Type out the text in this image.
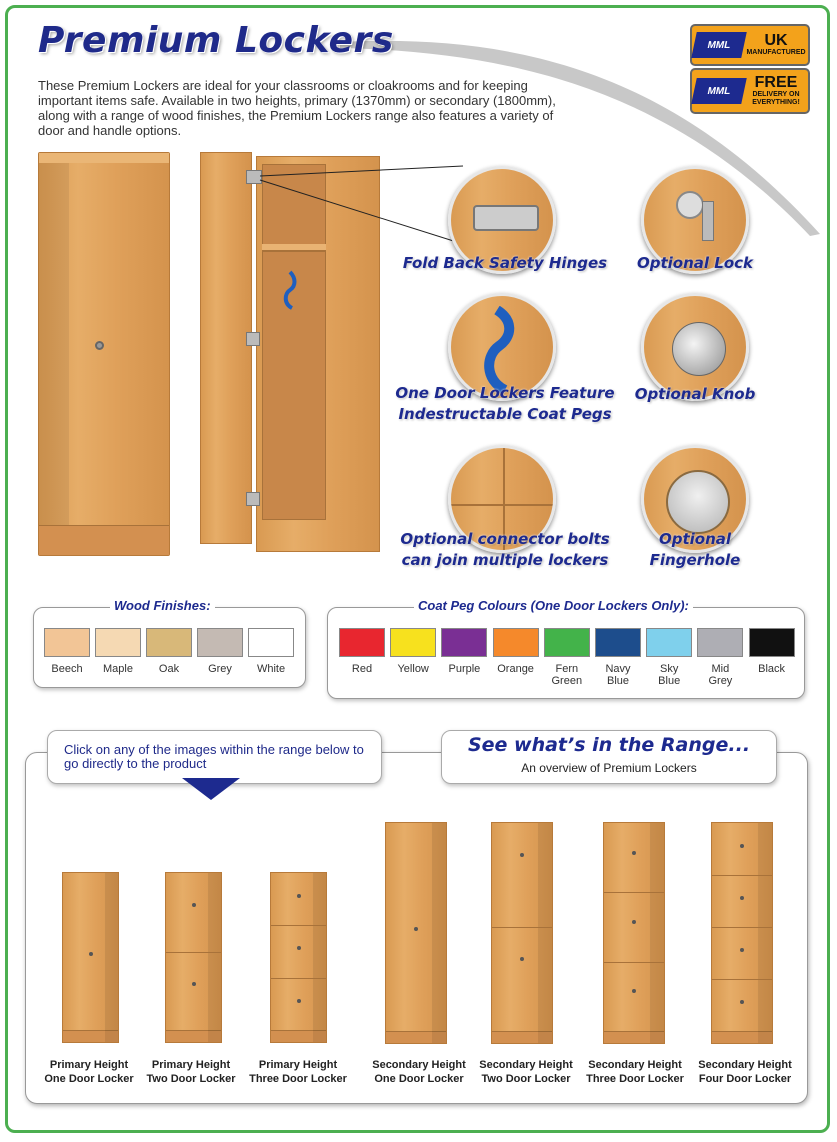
Premium Lockers
These Premium Lockers are ideal for your classrooms or cloakrooms and for keeping important items safe. Available in two heights, primary (1370mm) or secondary (1800mm), along with a range of wood finishes, the Premium Lockers range also features a variety of door and handle options.
MML	UK
MANUFACTURED
MML	FREE
DELIVERY ON EVERYTHING!
Fold Back Safety Hinges	Optional Lock
One Door Lockers Feature
Indestructable Coat Pegs
Optional Knob
Optional connector bolts
can join multiple lockers
Optional
Fingerhole
Wood Finishes:
Beech	Maple	Oak	Grey	White
Coat Peg Colours (One Door Lockers Only):
Red	Yellow	Purple	Orange	Fern
Green
Navy
Blue
Sky
Blue
Mid
Grey
Black
Click on any of the images within the range below to go directly to the product
See what’s in the Range...
An overview of Premium Lockers
Primary Height
One Door Locker
Primary Height
Two Door Locker
Primary Height
Three Door Locker
Secondary Height
One Door Locker
Secondary Height
Two Door Locker
Secondary Height
Three Door Locker
Secondary Height
Four Door Locker
